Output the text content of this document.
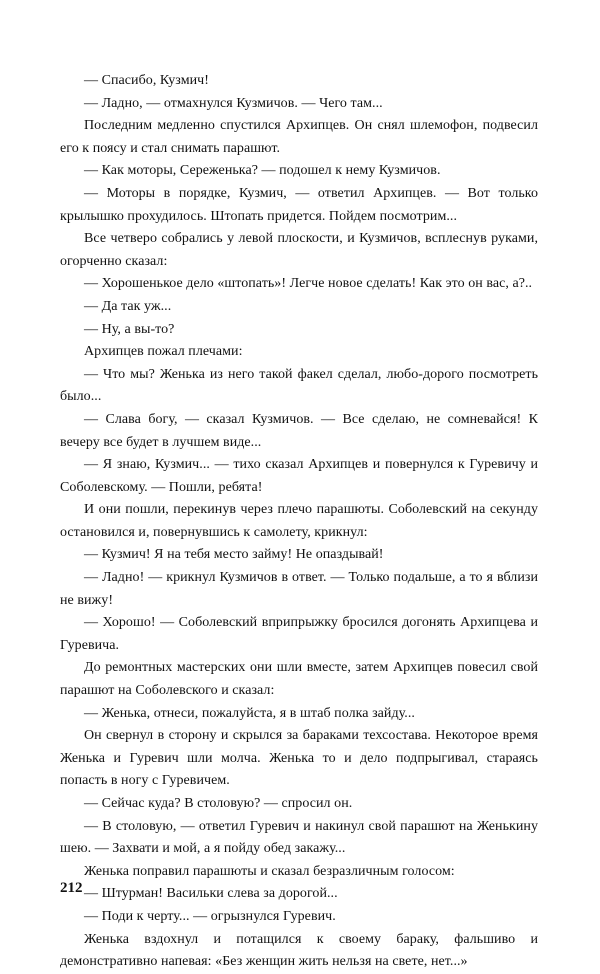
— Спасибо, Кузмич!

— Ладно, — отмахнулся Кузмичов. — Чего там...

Последним медленно спустился Архипцев. Он снял шлемофон, подвесил его к поясу и стал снимать парашют.

— Как моторы, Сереженька? — подошел к нему Кузмичов.

— Моторы в порядке, Кузмич, — ответил Архипцев. — Вот только крылышко прохудилось. Штопать придется. Пойдем посмотрим...

Все четверо собрались у левой плоскости, и Кузмичов, всплеснув руками, огорченно сказал:

— Хорошенькое дело «штопать»! Легче новое сделать! Как это он вас, а?..

— Да так уж...

— Ну, а вы-то?

Архипцев пожал плечами:

— Что мы? Женька из него такой факел сделал, любо-дорого посмотреть было...

— Слава богу, — сказал Кузмичов. — Все сделаю, не сомневайся! К вечеру все будет в лучшем виде...

— Я знаю, Кузмич... — тихо сказал Архипцев и повернулся к Гуревичу и Соболевскому. — Пошли, ребята!

И они пошли, перекинув через плечо парашюты. Соболевский на секунду остановился и, повернувшись к самолету, крикнул:

— Кузмич! Я на тебя место займу! Не опаздывай!

— Ладно! — крикнул Кузмичов в ответ. — Только подальше, а то я вблизи не вижу!

— Хорошо! — Соболевский вприпрыжку бросился догонять Архипцева и Гуревича.

До ремонтных мастерских они шли вместе, затем Архипцев повесил свой парашют на Соболевского и сказал:

— Женька, отнеси, пожалуйста, я в штаб полка зайду...

Он свернул в сторону и скрылся за бараками техсостава. Некоторое время Женька и Гуревич шли молча. Женька то и дело подпрыгивал, стараясь попасть в ногу с Гуревичем.

— Сейчас куда? В столовую? — спросил он.

— В столовую, — ответил Гуревич и накинул свой парашют на Женькину шею. — Захвати и мой, а я пойду обед закажу...

Женька поправил парашюты и сказал безразличным голосом:

— Штурман! Васильки слева за дорогой...

— Поди к черту... — огрызнулся Гуревич.

Женька вздохнул и потащился к своему бараку, фальшиво и демонстративно напевая: «Без женщин жить нельзя на свете, нет...»

212
